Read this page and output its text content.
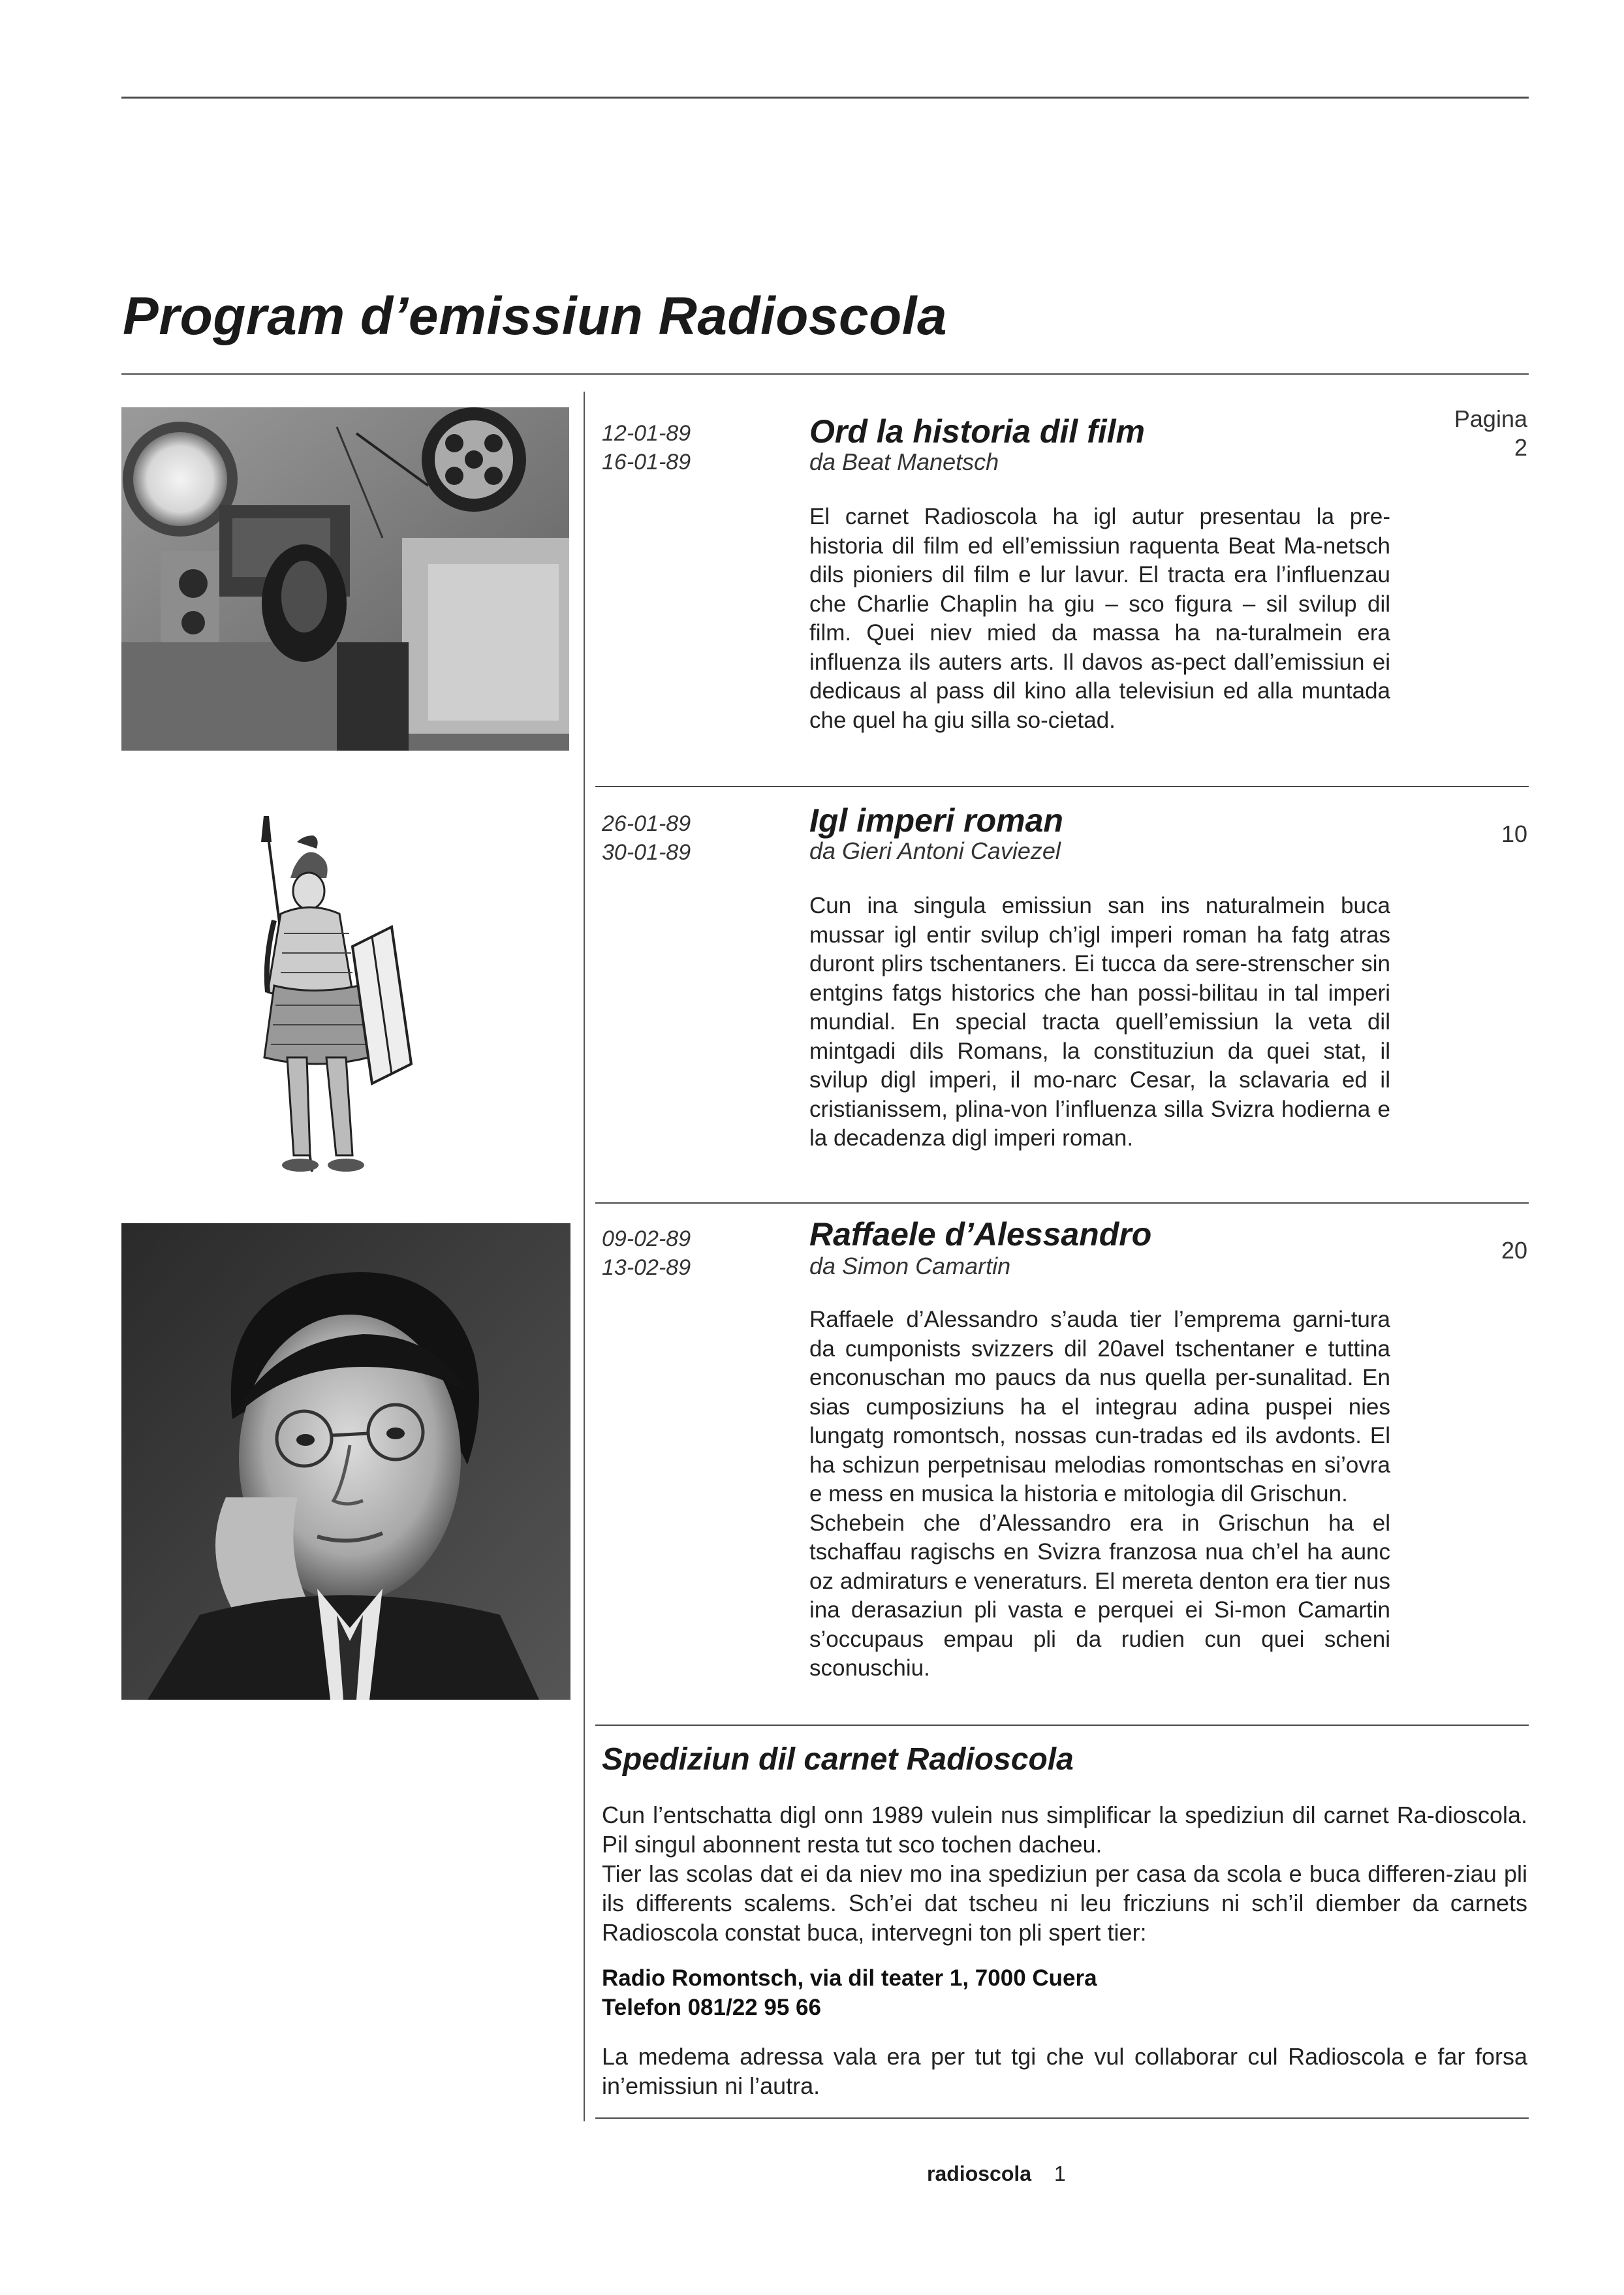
Program d’emissiun Radioscola
12-01-89
16-01-89
Ord la historia dil film
da Beat Manetsch
Pagina
2
El carnet Radioscola ha igl autur presentau la pre-historia dil film ed ell’emissiun raquenta Beat Ma-netsch dils pioniers dil film e lur lavur. El tracta era l’influenzau che Charlie Chaplin ha giu – sco figura – sil svilup dil film. Quei niev mied da massa ha na-turalmein era influenza ils auters arts. Il davos as-pect dall’emissiun ei dedicaus al pass dil kino alla televisiun ed alla muntada che quel ha giu silla so-cietad.
26-01-89
30-01-89
Igl imperi roman
da Gieri Antoni Caviezel
10
Cun ina singula emissiun san ins naturalmein buca mussar igl entir svilup ch’igl imperi roman ha fatg atras duront plirs tschentaners. Ei tucca da sere-strenscher sin entgins fatgs historics che han possi-bilitau in tal imperi mundial. En special tracta quell’emissiun la veta dil mintgadi dils Romans, la constituziun da quei stat, il svilup digl imperi, il mo-narc Cesar, la sclavaria ed il cristianissem, plina-von l’influenza silla Svizra hodierna e la decadenza digl imperi roman.
09-02-89
13-02-89
Raffaele d’Alessandro
da Simon Camartin
20
Raffaele d’Alessandro s’auda tier l’emprema garni-tura da cumponists svizzers dil 20avel tschentaner e tuttina enconuschan mo paucs da nus quella per-sunalitad. En sias cumposiziuns ha el integrau adina puspei nies lungatg romontsch, nossas cun-tradas ed ils avdonts. El ha schizun perpetnisau melodias romontschas en si’ovra e mess en musica la historia e mitologia dil Grischun.
Schebein che d’Alessandro era in Grischun ha el tschaffau ragischs en Svizra franzosa nua ch’el ha aunc oz admiraturs e veneraturs. El mereta denton era tier nus ina derasaziun pli vasta e perquei ei Si-mon Camartin s’occupaus empau pli da rudien cun quei scheni sconuschiu.
Spediziun dil carnet Radioscola
Cun l’entschatta digl onn 1989 vulein nus simplificar la spediziun dil carnet Ra-dioscola. Pil singul abonnent resta tut sco tochen dacheu.
Tier las scolas dat ei da niev mo ina spediziun per casa da scola e buca differen-ziau pli ils differents scalems. Sch’ei dat tscheu ni leu fricziuns ni sch’il diember da carnets Radioscola constat buca, intervegni ton pli spert tier:
Radio Romontsch, via dil teater 1, 7000 Cuera
Telefon 081/22 95 66
La medema adressa vala era per tut tgi che vul collaborar cul Radioscola e far forsa in’emissiun ni l’autra.
radioscola 1
